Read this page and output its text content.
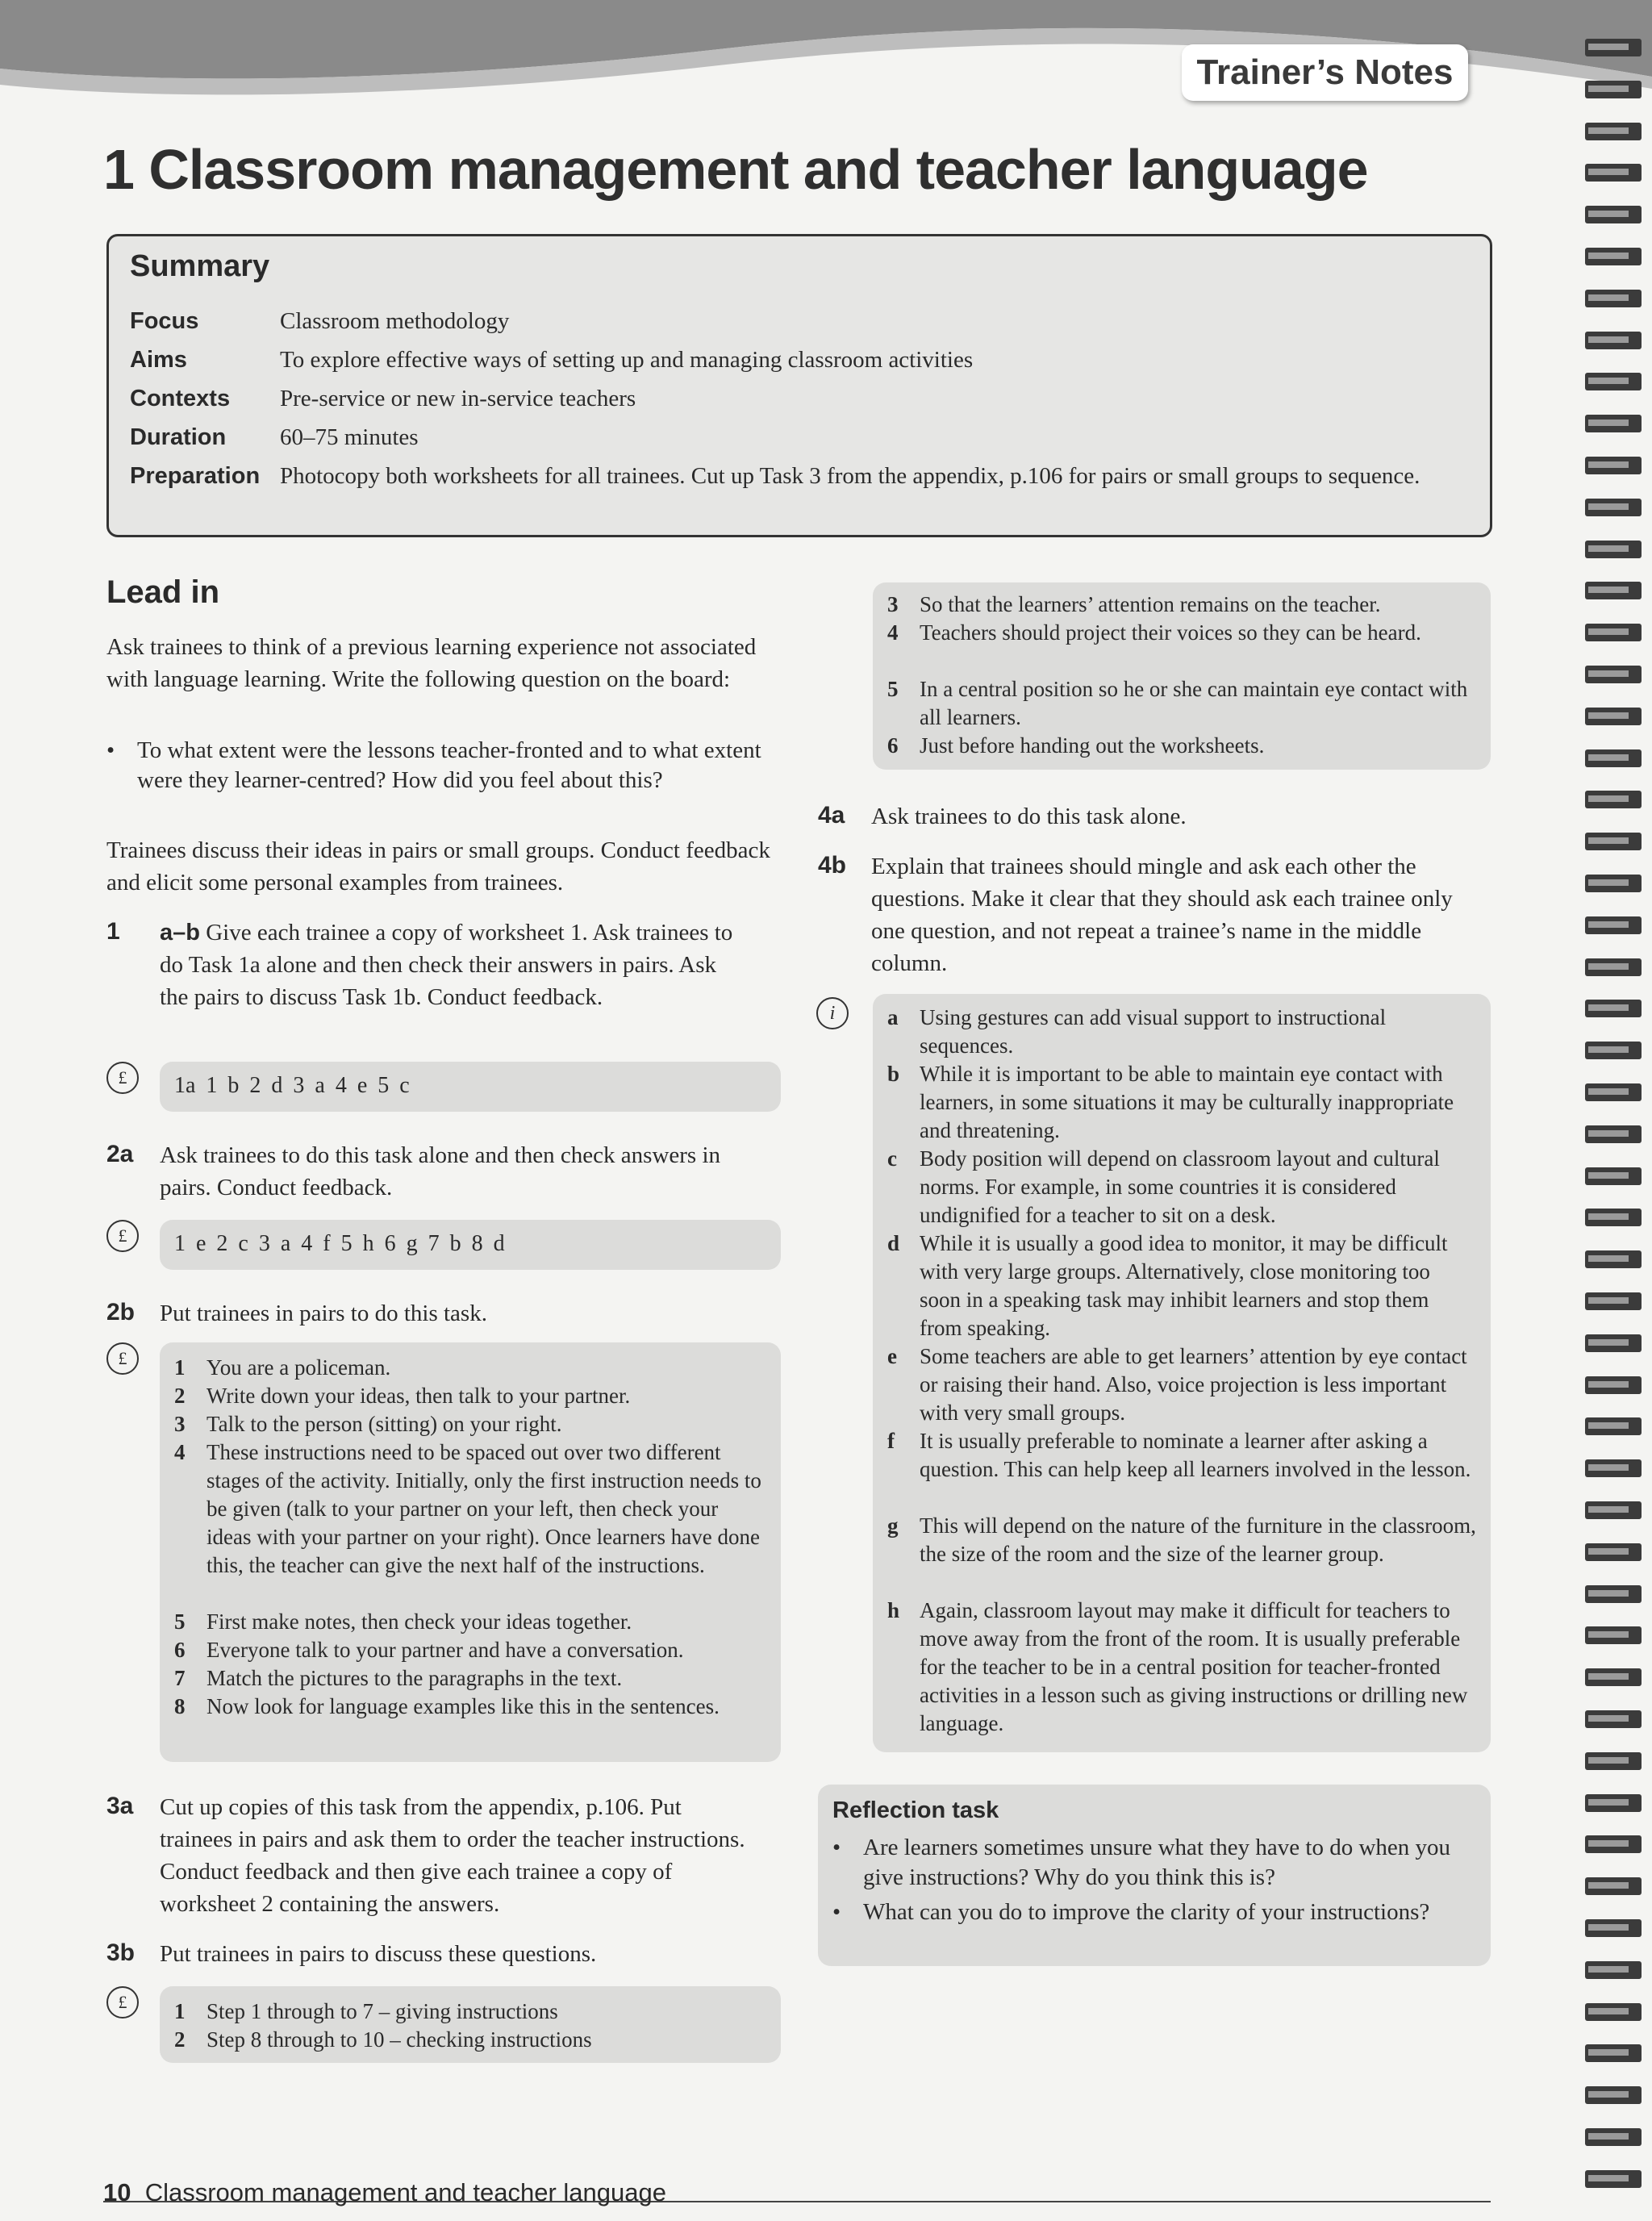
Trainer’s Notes
1 Classroom management and teacher language
Summary
Focus	Classroom methodology
Aims	To explore effective ways of setting up and managing classroom activities
Contexts Pre-service or new in-service teachers
Duration 60–75 minutes
Preparation Photocopy both worksheets for all trainees. Cut up Task 3 from the appendix, p.106 for pairs or small groups to sequence.
Lead in
Ask trainees to think of a previous learning experience not associated with language learning. Write the following question on the board:
• To what extent were the lessons teacher-fronted and to what extent were they learner-centred? How did you feel about this?
Trainees discuss their ideas in pairs or small groups. Conduct feedback and elicit some personal examples from trainees.
1 a–b Give each trainee a copy of worksheet 1. Ask trainees to do Task 1a alone and then check their answers in pairs. Ask the pairs to discuss Task 1b. Conduct feedback.
£	1a 1 b 2 d 3 a 4 e 5 c
2a Ask trainees to do this task alone and then check answers in pairs. Conduct feedback.
£	1 e 2 c 3 a 4 f 5 h 6 g 7 b 8 d
2b Put trainees in pairs to do this task.
£	1 You are a policeman.
2 Write down your ideas, then talk to your partner.
3 Talk to the person (sitting) on your right.
4 These instructions need to be spaced out over two different stages of the activity. Initially, only the first instruction needs to be given (talk to your partner on your left, then check your ideas with your partner on your right). Once learners have done this, the teacher can give the next half of the instructions.
5 First make notes, then check your ideas together.
6 Everyone talk to your partner and have a conversation.
7 Match the pictures to the paragraphs in the text.
8 Now look for language examples like this in the sentences.
3a Cut up copies of this task from the appendix, p.106. Put trainees in pairs and ask them to order the teacher instructions. Conduct feedback and then give each trainee a copy of worksheet 2 containing the answers.
3b Put trainees in pairs to discuss these questions.
£	1 Step 1 through to 7 – giving instructions
2 Step 8 through to 10 – checking instructions
3 So that the learners’ attention remains on the teacher.
4 Teachers should project their voices so they can be heard.
5 In a central position so he or she can maintain eye contact with all learners.
6 Just before handing out the worksheets.
4a Ask trainees to do this task alone.
4b Explain that trainees should mingle and ask each other the questions. Make it clear that they should ask each trainee only one question, and not repeat a trainee’s name in the middle column.
i	a Using gestures can add visual support to instructional sequences.
b While it is important to be able to maintain eye contact with learners, in some situations it may be culturally inappropriate and threatening.
c Body position will depend on classroom layout and cultural norms. For example, in some countries it is considered undignified for a teacher to sit on a desk.
d While it is usually a good idea to monitor, it may be difficult with very large groups. Alternatively, close monitoring too soon in a speaking task may inhibit learners and stop them from speaking.
e Some teachers are able to get learners’ attention by eye contact or raising their hand. Also, voice projection is less important with very small groups.
f It is usually preferable to nominate a learner after asking a question. This can help keep all learners involved in the lesson.
g This will depend on the nature of the furniture in the classroom, the size of the room and the size of the learner group.
h Again, classroom layout may make it difficult for teachers to move away from the front of the room. It is usually preferable for the teacher to be in a central position for teacher-fronted activities in a lesson such as giving instructions or drilling new language.
Reflection task
• Are learners sometimes unsure what they have to do when you give instructions? Why do you think this is?
• What can you do to improve the clarity of your instructions?
10 Classroom management and teacher language
